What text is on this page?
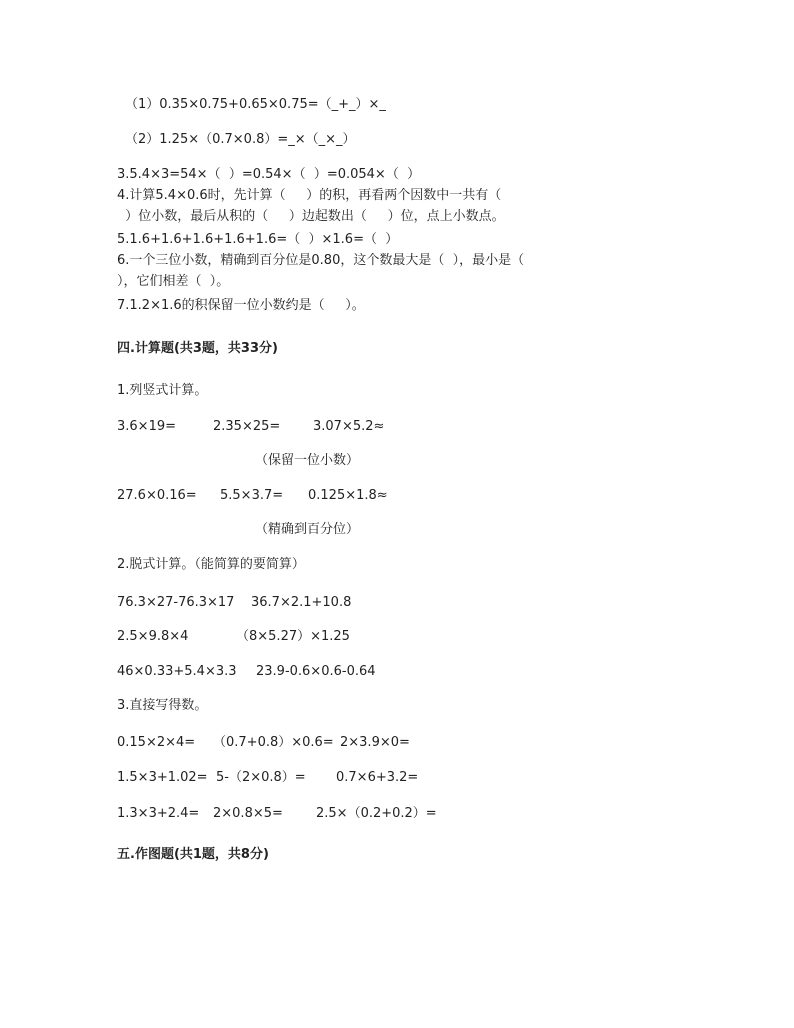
（1）0.35×0.75+0.65×0.75=（_+_）×_
（2）1.25×（0.7×0.8）=_×（_×_）
3.5.4×3=54×（  ）=0.54×（  ）=0.054×（  ）
4.计算5.4×0.6时，先计算（     ）的积，再看两个因数中一共有（
）位小数，最后从积的（     ）边起数出（     ）位，点上小数点。
5.1.6+1.6+1.6+1.6+1.6=（  ）×1.6=（  ）
6.一个三位小数，精确到百分位是0.80，这个数最大是（  ），最小是（
），它们相差（  ）。
7.1.2×1.6的积保留一位小数约是（     ）。
四.计算题(共3题，共33分)
1.列竖式计算。
3.6×19=	2.35×25=	3.07×5.2≈
（保留一位小数）
27.6×0.16= 5.5×3.7= 0.125×1.8≈
（精确到百分位）
2.脱式计算。（能简算的要简算）
76.3×27-76.3×17 36.7×2.1+10.8
2.5×9.8×4	（8×5.27）×1.25
46×0.33+5.4×3.3 23.9-0.6×0.6-0.64
3.直接写得数。
0.15×2×4= （0.7+0.8）×0.6= 2×3.9×0=
1.5×3+1.02= 5-（2×0.8）= 0.7×6+3.2=
1.3×3+2.4= 2×0.8×5=	2.5×（0.2+0.2）=
五.作图题(共1题，共8分)
